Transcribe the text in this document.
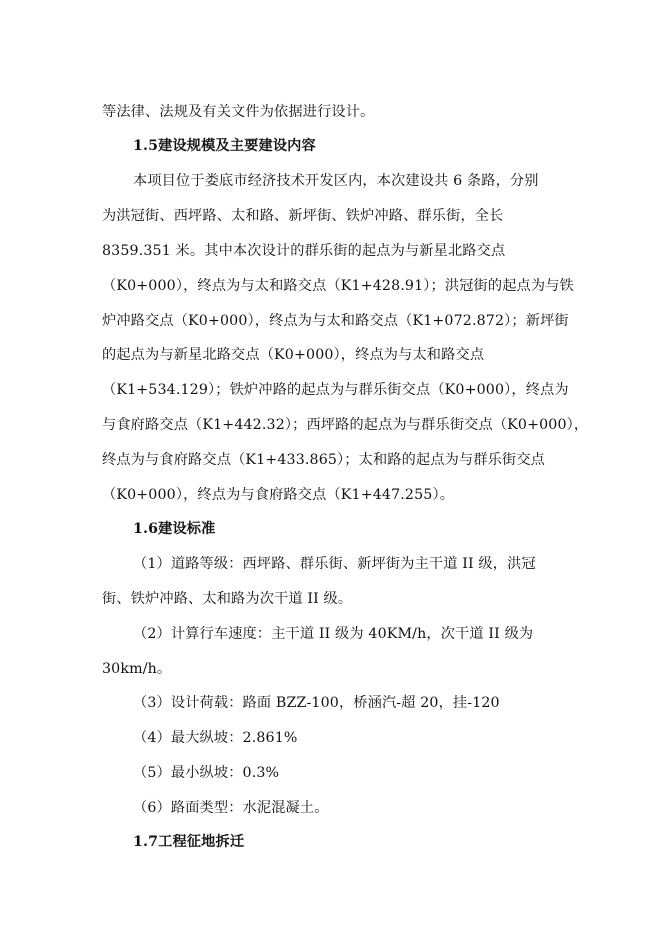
等法律、法规及有关文件为依据进行设计。
1.5建设规模及主要建设内容
本项目位于娄底市经济技术开发区内，本次建设共 6 条路，分别
为洪冠街、西坪路、太和路、新坪街、铁炉冲路、群乐街，全长
8359.351 米。其中本次设计的群乐街的起点为与新星北路交点
（K0+000），终点为与太和路交点（K1+428.91）；洪冠街的起点为与铁
炉冲路交点（K0+000），终点为与太和路交点（K1+072.872）；新坪街
的起点为与新星北路交点（K0+000），终点为与太和路交点
（K1+534.129）；铁炉冲路的起点为与群乐街交点（K0+000），终点为
与食府路交点（K1+442.32）；西坪路的起点为与群乐街交点（K0+000），
终点为与食府路交点（K1+433.865）；太和路的起点为与群乐街交点
（K0+000），终点为与食府路交点（K1+447.255）。
1.6建设标准
（1）道路等级：西坪路、群乐街、新坪街为主干道 II 级，洪冠
街、铁炉冲路、太和路为次干道 II 级。
（2）计算行车速度：主干道 II 级为 40KM/h，次干道 II 级为
30km/h。
（3）设计荷载：路面 BZZ-100，桥涵汽-超 20，挂-120
（4）最大纵坡：2.861%
（5）最小纵坡：0.3%
（6）路面类型：水泥混凝土。
1.7工程征地拆迁
